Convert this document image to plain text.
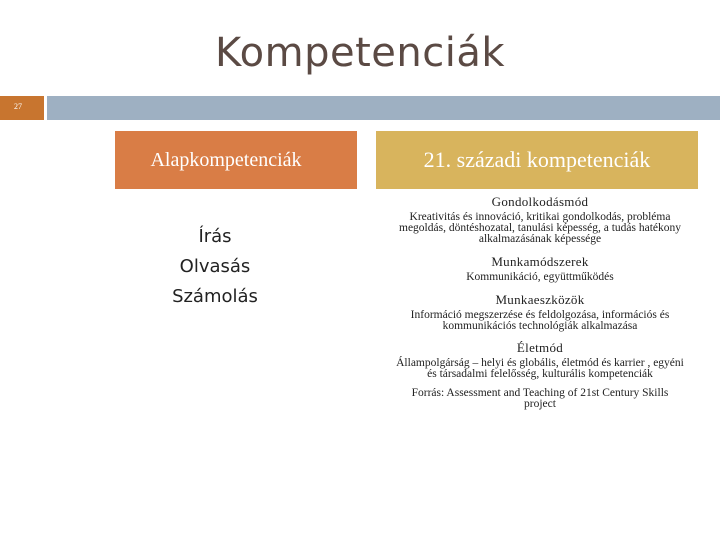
Kompetenciák
27
Alapkompetenciák	21. századi kompetenciák
Írás
Olvasás
Számolás
Gondolkodásmód
Kreativitás és innováció, kritikai gondolkodás, probléma megoldás, döntéshozatal, tanulási képesség, a tudás hatékony alkalmazásának képessége
Munkamódszerek
Kommunikáció, együttműködés
Munkaeszközök
Információ megszerzése és feldolgozása, információs és kommunikációs technológiák alkalmazása
Életmód
Állampolgárság – helyi és globális, életmód és karrier , egyéni és társadalmi felelősség, kulturális kompetenciák
Forrás: Assessment and Teaching of 21st Century Skills project
